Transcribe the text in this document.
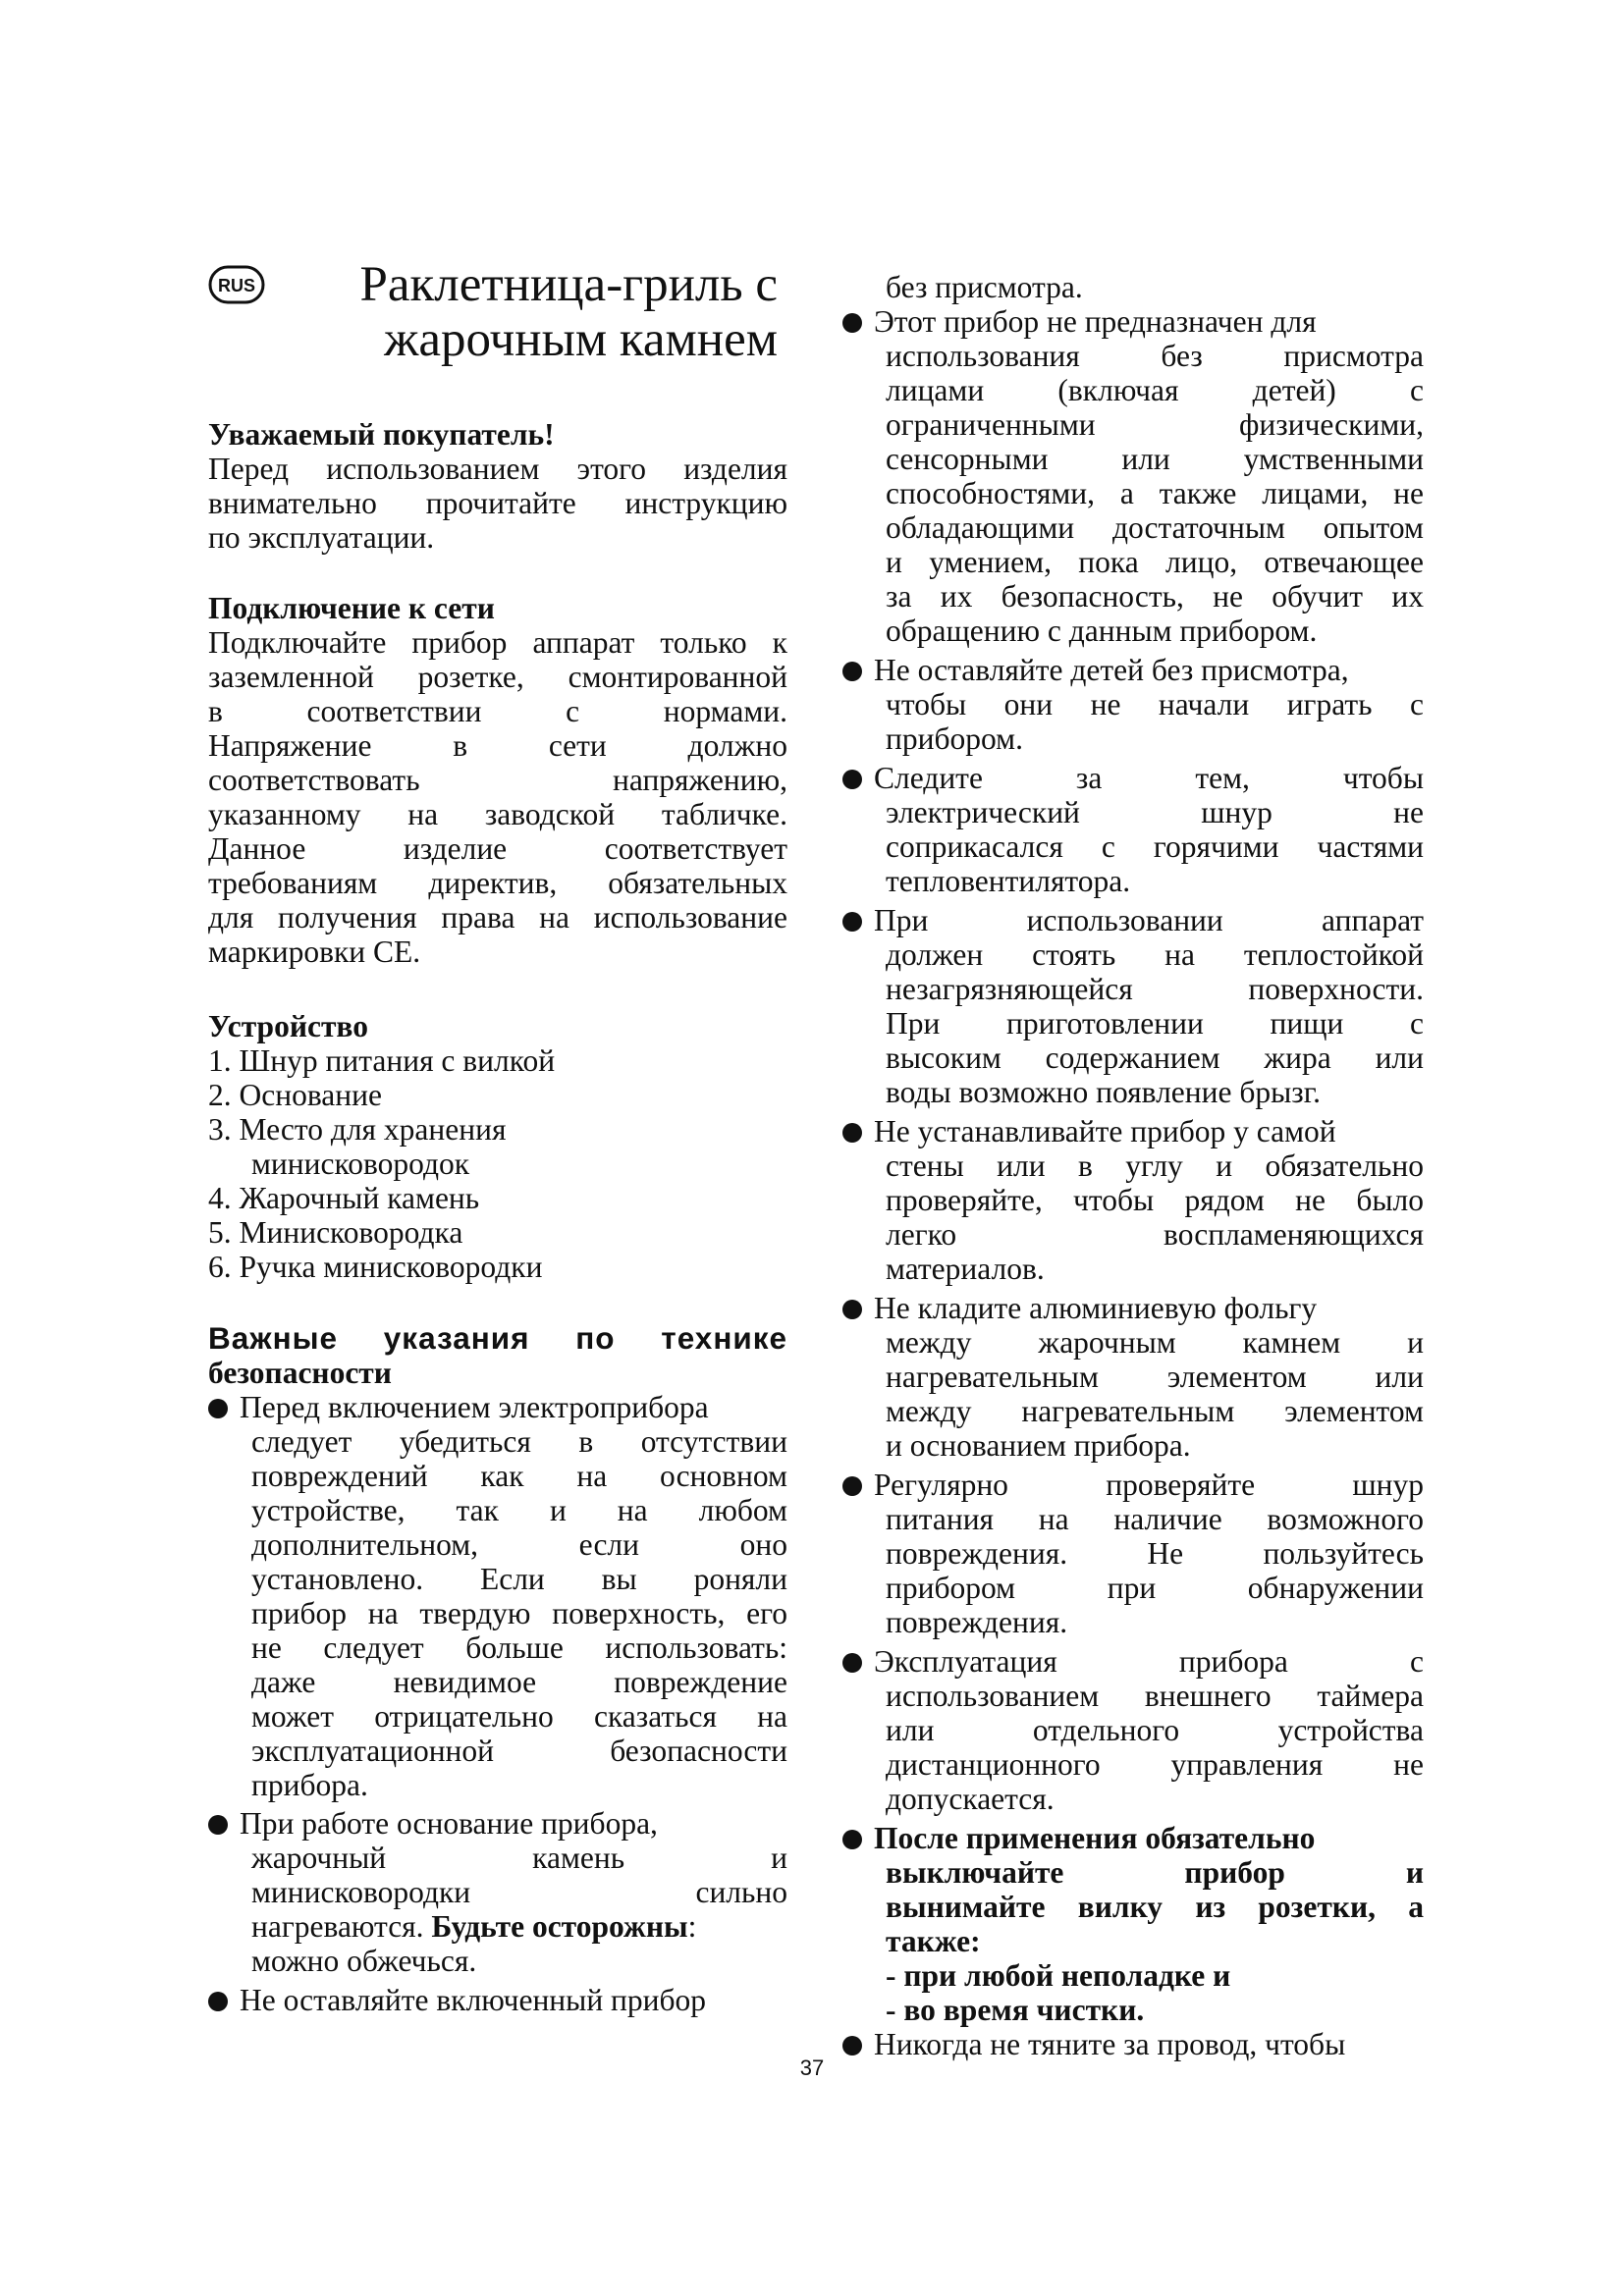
RUS	Раклетница-гриль с
жарочным камнем
Уважаемый покупатель!
Перед использованием этого изделия
внимательно прочитайте инструкцию
по эксплуатации.
Подключение к сети
Подключайте прибор аппарат только к
заземленной розетке, смонтированной
в соответствии с нормами.
Напряжение в сети должно
соответствовать напряжению,
указанному на заводской табличке.
Данное изделие соответствует
требованиям директив, обязательных
для получения права на использование
маркировки СЕ.
Устройство
1. Шнур питания с вилкой
2. Основание
3. Место для хранения
минисковородок
4. Жарочный камень
5. Минисковородка
6. Ручка минисковородки
Важные указания по технике
безопасности
Перед включением электроприбора
следует убедиться в отсутствии
повреждений как на основном
устройстве, так и на любом
дополнительном, если оно
установлено. Если вы роняли
прибор на твердую поверхность, его
не следует больше использовать:
даже невидимое повреждение
может отрицательно сказаться на
эксплуатационной безопасности
прибора.
При работе основание прибора,
жарочный камень и
минисковородки сильно
нагреваются. Будьте осторожны:
можно обжечься.
Не оставляйте включенный прибор
без присмотра.
Этот прибор не предназначен для
использования без присмотра
лицами (включая детей) с
ограниченными физическими,
сенсорными или умственными
способностями, а также лицами, не
обладающими достаточным опытом
и умением, пока лицо, отвечающее
за их безопасность, не обучит их
обращению с данным прибором.
Не оставляйте детей без присмотра,
чтобы они не начали играть с
прибором.
Следите за тем, чтобы
электрический шнур не
соприкасался с горячими частями
тепловентилятора.
При использовании аппарат
должен стоять на теплостойкой
незагрязняющейся поверхности.
При приготовлении пищи с
высоким содержанием жира или
воды возможно появление брызг.
Не устанавливайте прибор у самой
стены или в углу и обязательно
проверяйте, чтобы рядом не было
легко воспламеняющихся
материалов.
Не кладите алюминиевую фольгу
между жарочным камнем и
нагревательным элементом или
между нагревательным элементом
и основанием прибора.
Регулярно проверяйте шнур
питания на наличие возможного
повреждения. Не пользуйтесь
прибором при обнаружении
повреждения.
Эксплуатация прибора с
использованием внешнего таймера
или отдельного устройства
дистанционного управления не
допускается.
После применения обязательно
выключайте прибор и
вынимайте вилку из розетки, а
также:
- при любой неполадке и
- во время чистки.
Никогда не тяните за провод, чтобы
37
